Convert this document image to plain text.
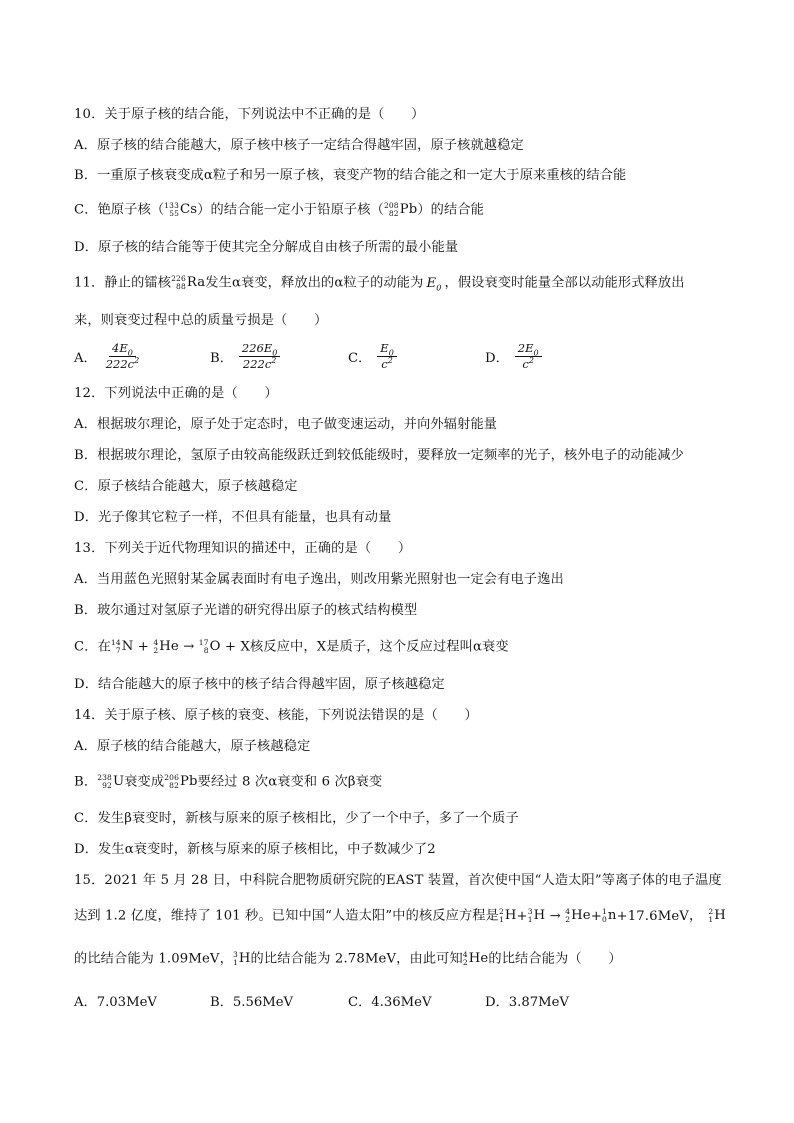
10．关于原子核的结合能，下列说法中不正确的是（　　）
A．原子核的结合能越大，原子核中核子一定结合得越牢固，原子核就越稳定
B．一重原子核衰变成α粒子和另一原子核，衰变产物的结合能之和一定大于原来重核的结合能
C．铯原子核（ 133
55 Cs ）的结合能一定小于铅原子核（ 208
82 Pb ）的结合能
D．原子核的结合能等于使其完全分解成自由核子所需的最小能量
11．静止的镭核 226
88 Ra 发生α衰变，释放出的α粒子的动能为 $E_0$ ，假设衰变时能量全部以动能形式释放出
来，则衰变过程中总的质量亏损是（　　）
A． $\frac{4E_0}{222c^2}$	B． $\frac{226E_0}{222c^2}$	C． $\frac{E_0}{c^2}$	D． $\frac{2E_0}{c^2}$
12．下列说法中正确的是（　　）
A．根据玻尔理论，原子处于定态时，电子做变速运动，并向外辐射能量
B．根据玻尔理论，氢原子由较高能级跃迁到较低能级时，要释放一定频率的光子，核外电子的动能减少
C．原子核结合能越大，原子核越稳定
D．光子像其它粒子一样，不但具有能量，也具有动量
13．下列关于近代物理知识的描述中，正确的是（　　）
A．当用蓝色光照射某金属表面时有电子逸出，则改用紫光照射也一定会有电子逸出
B．玻尔通过对氢原子光谱的研究得出原子的核式结构模型
C．在 14
7 N + 4
2 He → 17
8 O + X核反应中，X是质子，这个反应过程叫α衰变
D．结合能越大的原子核中的核子结合得越牢固，原子核越稳定
14．关于原子核、原子核的衰变、核能，下列说法错误的是（　　）
A．原子核的结合能越大，原子核越稳定
B． 238
92 U 衰变成 206
82 Pb 要经过 8 次α衰变和 6 次β衰变
C．发生β衰变时，新核与原来的原子核相比，少了一个中子，多了一个质子
D．发生α衰变时，新核与原来的原子核相比，中子数减少了2
15．2021 年 5 月 28 日，中科院合肥物质研究院的EAST 装置，首次使中国“人造太阳”等离子体的电子温度
达到 1.2 亿度，维持了 101 秒。已知中国“人造太阳”中的核反应方程是 2
1 H + 3
1 H → 4
2 He + 1
0 n +17.6MeV， 2
1 H
的比结合能为 1.09MeV， 3
1 H 的比结合能为 2.78MeV，由此可知 4
2 He 的比结合能为（　　）
A．7.03MeV	B．5.56MeV	C．4.36MeV	D．3.87MeV
